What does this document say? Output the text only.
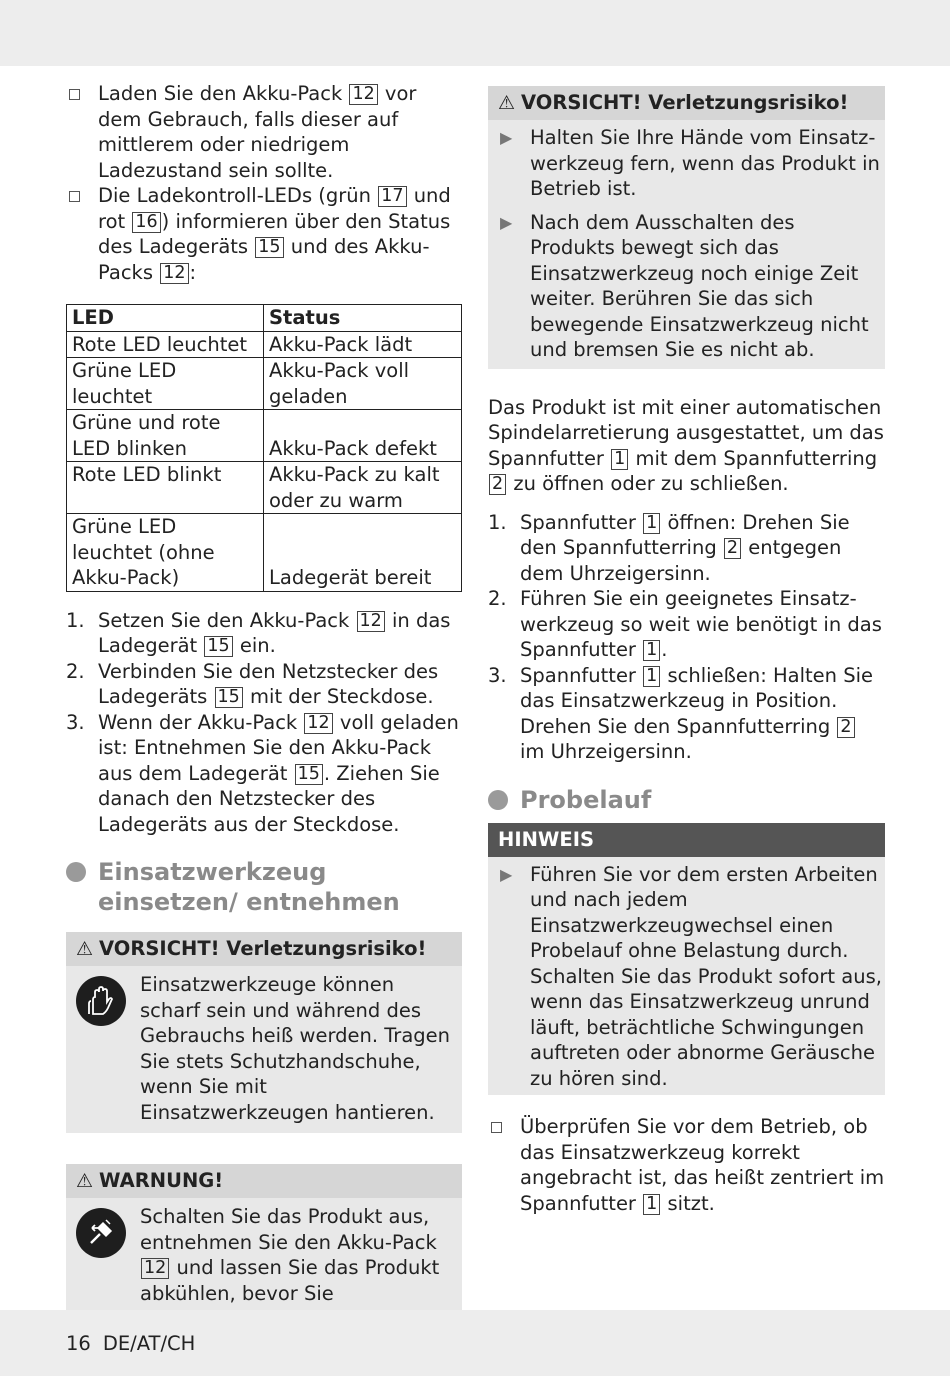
Laden Sie den Akku-Pack 12 vor dem Gebrauch, falls dieser auf mittlerem oder niedrigem Ladezustand sein sollte.
Die Ladekontroll-LEDs (grün 17 und rot 16 ) informieren über den Status des Ladegeräts 15 und des Akku-Packs 12 :
LED	Status
Rote LED leuchtet	Akku-Pack lädt
Grüne LED leuchtet	Akku-Pack voll geladen
Grüne und rote LED blinken	Akku-Pack defekt
Rote LED blinkt	Akku-Pack zu kalt oder zu warm
Grüne LED leuchtet (ohne Akku-Pack)	Ladegerät bereit
1. Setzen Sie den Akku-Pack 12 in das Ladegerät 15 ein.
2. Verbinden Sie den Netzstecker des Ladegeräts 15 mit der Steckdose.
3. Wenn der Akku-Pack 12 voll geladen ist: Entnehmen Sie den Akku-Pack aus dem Ladegerät 15 . Ziehen Sie danach den Netzstecker des Ladegeräts aus der Steckdose.
Einsatzwerkzeug einsetzen/ entnehmen
⚠ VORSICHT! Verletzungsrisiko!
Einsatzwerkzeuge können scharf sein und während des Gebrauchs heiß werden. Tragen Sie stets Schutzhandschuhe, wenn Sie mit Einsatzwerkzeugen hantieren.
⚠ WARNUNG!
Schalten Sie das Produkt aus, entnehmen Sie den Akku-Pack 12 und lassen Sie das Produkt abkühlen, bevor Sie
⚠ VORSICHT! Verletzungsrisiko!
▶ Halten Sie Ihre Hände vom Einsatzwerkzeug fern, wenn das Produkt in Betrieb ist.
▶ Nach dem Ausschalten des Produkts bewegt sich das Einsatzwerkzeug noch einige Zeit weiter. Berühren Sie das sich bewegende Einsatzwerkzeug nicht und bremsen Sie es nicht ab.

Das Produkt ist mit einer automatischen Spindelarretierung ausgestattet, um das Spannfutter 1 mit dem Spannfutterring 2 zu öffnen oder zu schließen.

1. Spannfutter 1 öffnen: Drehen Sie den Spannfutterring 2 entgegen dem Uhrzeigersinn.
2. Führen Sie ein geeignetes Einsatzwerkzeug so weit wie benötigt in das Spannfutter 1 .
3. Spannfutter 1 schließen: Halten Sie das Einsatzwerkzeug in Position. Drehen Sie den Spannfutterring 2 im Uhrzeigersinn.
Probelauf
HINWEIS
▶ Führen Sie vor dem ersten Arbeiten und nach jedem Einsatzwerkzeugwechsel einen Probelauf ohne Belastung durch. Schalten Sie das Produkt sofort aus, wenn das Einsatzwerkzeug unrund läuft, beträchtliche Schwingungen auftreten oder abnorme Geräusche zu hören sind.
Überprüfen Sie vor dem Betrieb, ob das Einsatzwerkzeug korrekt angebracht ist, das heißt zentriert im Spannfutter 1 sitzt.
16 DE/AT/CH
